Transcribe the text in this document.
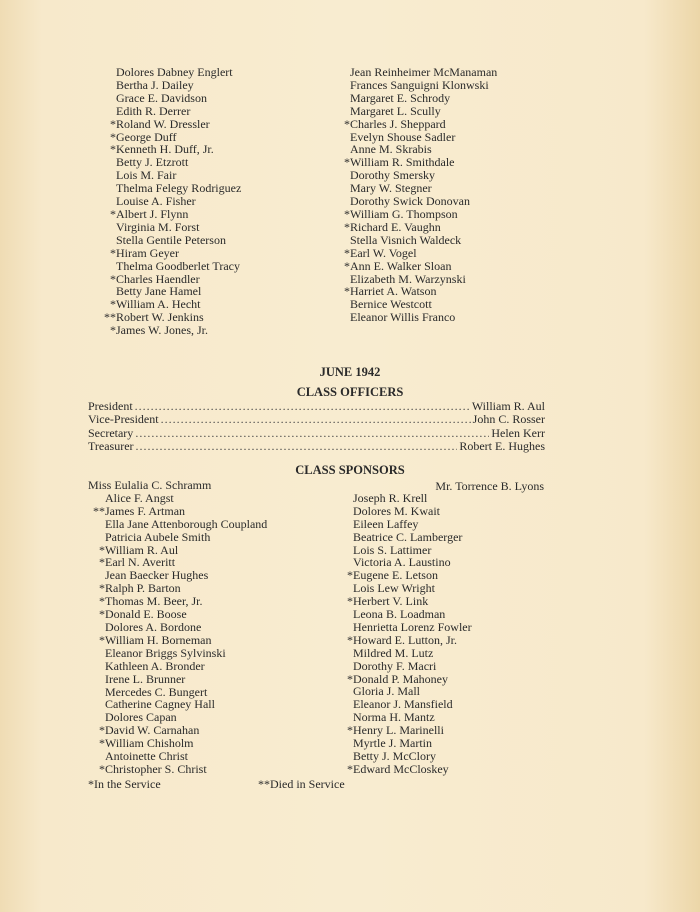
Dolores Dabney Englert
Bertha J. Dailey
Grace E. Davidson
Edith R. Derrer
*Roland W. Dressler
*George Duff
*Kenneth H. Duff, Jr.
Betty J. Etzrott
Lois M. Fair
Thelma Felegy Rodriguez
Louise A. Fisher
*Albert J. Flynn
Virginia M. Forst
Stella Gentile Peterson
*Hiram Geyer
Thelma Goodberlet Tracy
*Charles Haendler
Betty Jane Hamel
*William A. Hecht
**Robert W. Jenkins
*James W. Jones, Jr.
Jean Reinheimer McManaman
Frances Sanguigni Klonwski
Margaret E. Schrody
Margaret L. Scully
*Charles J. Sheppard
Evelyn Shouse Sadler
Anne M. Skrabis
*William R. Smithdale
Dorothy Smersky
Mary W. Stegner
Dorothy Swick Donovan
*William G. Thompson
*Richard E. Vaughn
Stella Visnich Waldeck
*Earl W. Vogel
*Ann E. Walker Sloan
Elizabeth M. Warzynski
*Harriet A. Watson
Bernice Westcott
Eleanor Willis Franco
JUNE 1942
CLASS OFFICERS
President .....	William R. Aul
Vice-President .....	John C. Rosser
Secretary .....	Helen Kerr
Treasurer .....	Robert E. Hughes
CLASS SPONSORS
Miss Eulalia C. Schramm
Alice F. Angst
**James F. Artman
Ella Jane Attenborough Coupland
Patricia Aubele Smith
*William R. Aul
*Earl N. Averitt
Jean Baecker Hughes
*Ralph P. Barton
*Thomas M. Beer, Jr.
*Donald E. Boose
Dolores A. Bordone
*William H. Borneman
Eleanor Briggs Sylvinski
Kathleen A. Bronder
Irene L. Brunner
Mercedes C. Bungert
Catherine Cagney Hall
Dolores Capan
*David W. Carnahan
*William Chisholm
Antoinette Christ
*Christopher S. Christ
Mr. Torrence B. Lyons
Joseph R. Krell
Dolores M. Kwait
Eileen Laffey
Beatrice C. Lamberger
Lois S. Lattimer
Victoria A. Laustino
*Eugene E. Letson
Lois Lew Wright
*Herbert V. Link
Leona B. Loadman
Henrietta Lorenz Fowler
*Howard E. Lutton, Jr.
Mildred M. Lutz
Dorothy F. Macri
*Donald P. Mahoney
Gloria J. Mall
Eleanor J. Mansfield
Norma H. Mantz
*Henry L. Marinelli
Myrtle J. Martin
Betty J. McClory
*Edward McCloskey
*In the Service	**Died in Service
